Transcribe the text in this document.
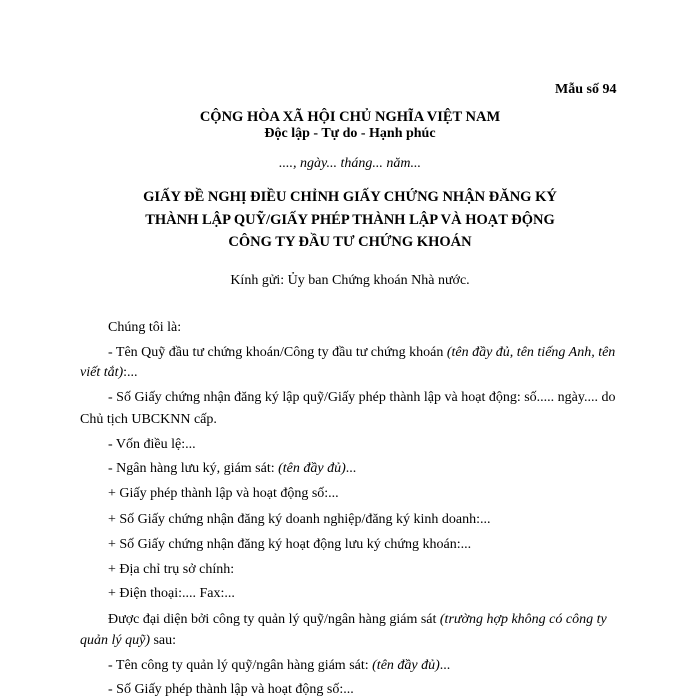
Mẫu số 94
CỘNG HÒA XÃ HỘI CHỦ NGHĨA VIỆT NAM
Độc lập - Tự do - Hạnh phúc
...., ngày... tháng... năm...
GIẤY ĐỀ NGHỊ ĐIỀU CHỈNH GIẤY CHỨNG NHẬN ĐĂNG KÝ
THÀNH LẬP QUỸ/GIẤY PHÉP THÀNH LẬP VÀ HOẠT ĐỘNG
CÔNG TY ĐẦU TƯ CHỨNG KHOÁN
Kính gửi: Ủy ban Chứng khoán Nhà nước.
Chúng tôi là:
- Tên Quỹ đầu tư chứng khoán/Công ty đầu tư chứng khoán (tên đầy đủ, tên tiếng Anh, tên
viết tắt):...
- Số Giấy chứng nhận đăng ký lập quỹ/Giấy phép thành lập và hoạt động: số..... ngày.... do
Chủ tịch UBCKNN cấp.
- Vốn điều lệ:...
- Ngân hàng lưu ký, giám sát: (tên đầy đủ)...
+ Giấy phép thành lập và hoạt động số:...
+ Số Giấy chứng nhận đăng ký doanh nghiệp/đăng ký kinh doanh:...
+ Số Giấy chứng nhận đăng ký hoạt động lưu ký chứng khoán:...
+ Địa chỉ trụ sở chính:
+ Điện thoại:.... Fax:...
Được đại diện bởi công ty quản lý quỹ/ngân hàng giám sát (trường hợp không có công ty
quản lý quỹ) sau:
- Tên công ty quản lý quỹ/ngân hàng giám sát: (tên đầy đủ)...
- Số Giấy phép thành lập và hoạt động số:...
